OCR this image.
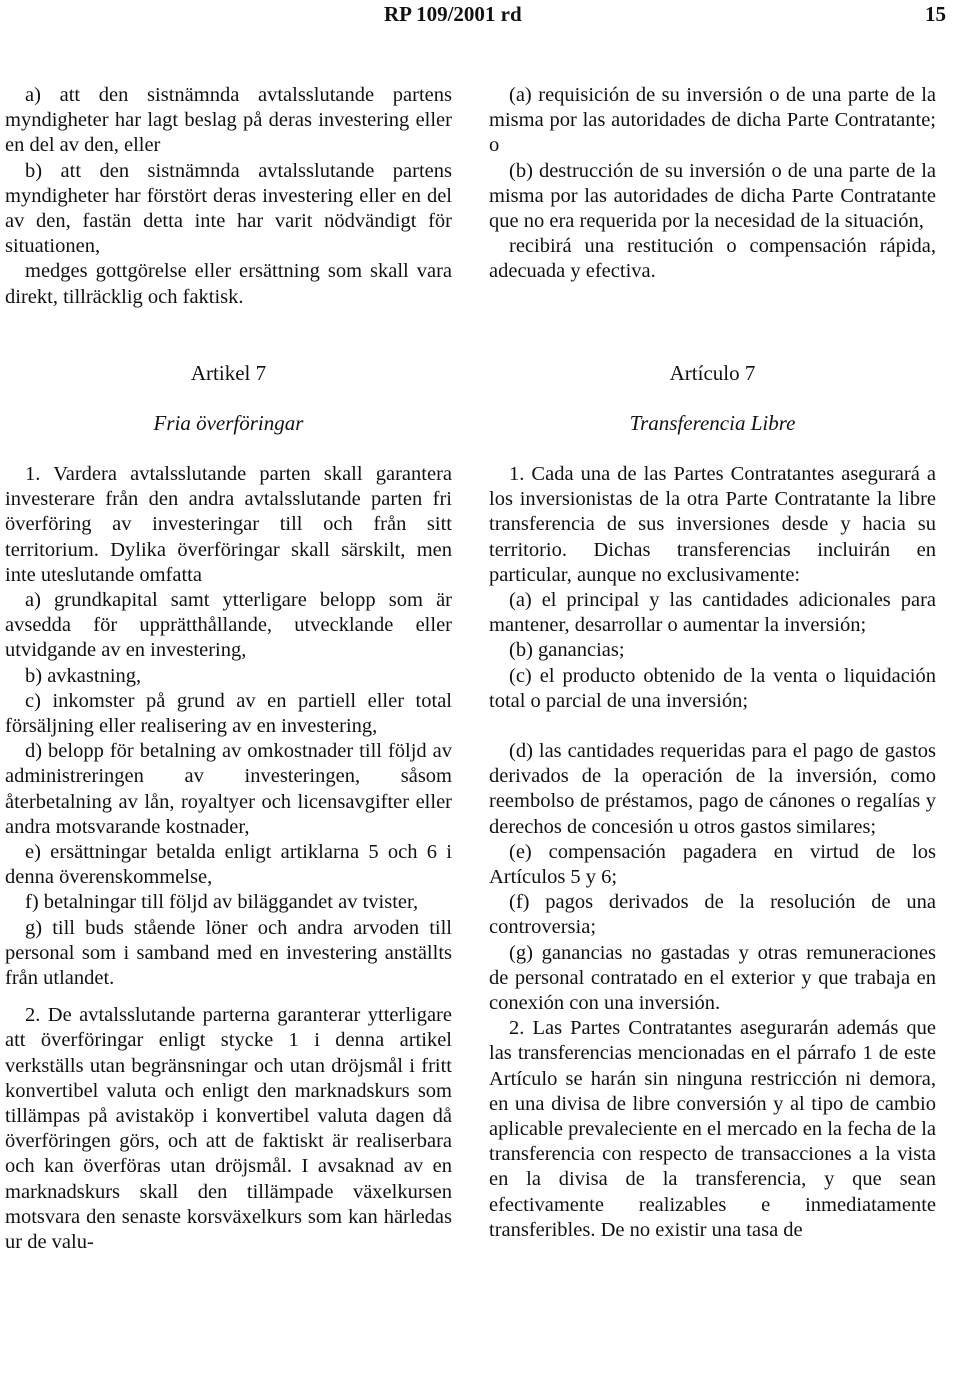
RP 109/2001 rd	15

a) att den sistnämnda avtalsslutande partens myndigheter har lagt beslag på deras investering eller en del av den, eller

b) att den sistnämnda avtalsslutande partens myndigheter har förstört deras investering eller en del av den, fastän detta inte har varit nödvändigt för situationen,

medges gottgörelse eller ersättning som skall vara direkt, tillräcklig och faktisk.

Artikel 7
Fria överföringar

1. Vardera avtalsslutande parten skall garantera investerare från den andra avtalsslutande parten fri överföring av investeringar till och från sitt territorium. Dylika överföringar skall särskilt, men inte uteslutande omfatta

a) grundkapital samt ytterligare belopp som är avsedda för upprätthållande, utvecklande eller utvidgande av en investering,

b) avkastning,

c) inkomster på grund av en partiell eller total försäljning eller realisering av en investering,

d) belopp för betalning av omkostnader till följd av administreringen av investeringen, såsom återbetalning av lån, royaltyer och licensavgifter eller andra motsvarande kostnader,

e) ersättningar betalda enligt artiklarna 5 och 6 i denna överenskommelse,

f) betalningar till följd av biläggandet av tvister,

g) till buds stående löner och andra arvoden till personal som i samband med en investering anställts från utlandet.

2. De avtalsslutande parterna garanterar ytterligare att överföringar enligt stycke 1 i denna artikel verkställs utan begränsningar och utan dröjsmål i fritt konvertibel valuta och enligt den marknadskurs som tillämpas på avistaköp i konvertibel valuta dagen då överföringen görs, och att de faktiskt är realiserbara och kan överföras utan dröjsmål. I avsaknad av en marknadskurs skall den tillämpade växelkursen motsvara den senaste korsväxelkurs som kan härledas ur de valu-

(a) requisición de su inversión o de una parte de la misma por las autoridades de dicha Parte Contratante; o

(b) destrucción de su inversión o de una parte de la misma por las autoridades de dicha Parte Contratante que no era requerida por la necesidad de la situación,

recibirá una restitución o compensación rápida, adecuada y efectiva.

Artículo 7
Transferencia Libre

1. Cada una de las Partes Contratantes asegurará a los inversionistas de la otra Parte Contratante la libre transferencia de sus inversiones desde y hacia su territorio. Dichas transferencias incluirán en particular, aunque no exclusivamente:

(a) el principal y las cantidades adicionales para mantener, desarrollar o aumentar la inversión;

(b) ganancias;

(c) el producto obtenido de la venta o liquidación total o parcial de una inversión;

(d) las cantidades requeridas para el pago de gastos derivados de la operación de la inversión, como reembolso de préstamos, pago de cánones o regalías y derechos de concesión u otros gastos similares;

(e) compensación pagadera en virtud de los Artículos 5 y 6;

(f) pagos derivados de la resolución de una controversia;

(g) ganancias no gastadas y otras remuneraciones de personal contratado en el exterior y que trabaja en conexión con una inversión.

2. Las Partes Contratantes asegurarán además que las transferencias mencionadas en el párrafo 1 de este Artículo se harán sin ninguna restricción ni demora, en una divisa de libre conversión y al tipo de cambio aplicable prevaleciente en el mercado en la fecha de la transferencia con respecto de transacciones a la vista en la divisa de la transferencia, y que sean efectivamente realizables e inmediatamente transferibles. De no existir una tasa de
